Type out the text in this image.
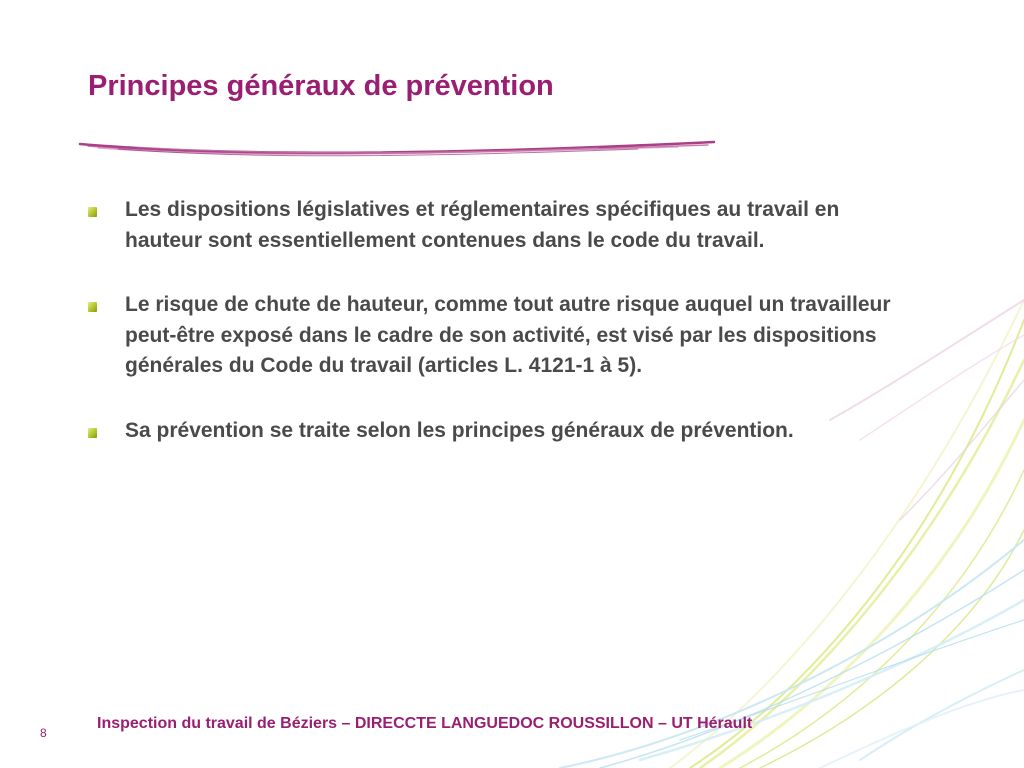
Principes généraux de prévention
Les dispositions législatives et réglementaires spécifiques au travail en hauteur sont essentiellement contenues dans le code du travail.
Le risque de chute de hauteur, comme tout autre risque auquel un travailleur peut-être exposé dans le cadre de son activité, est visé par les dispositions générales du Code du travail (articles L. 4121-1 à 5).
Sa prévention se traite selon les principes généraux de prévention.
8
Inspection du travail de Béziers – DIRECCTE LANGUEDOC ROUSSILLON – UT Hérault
